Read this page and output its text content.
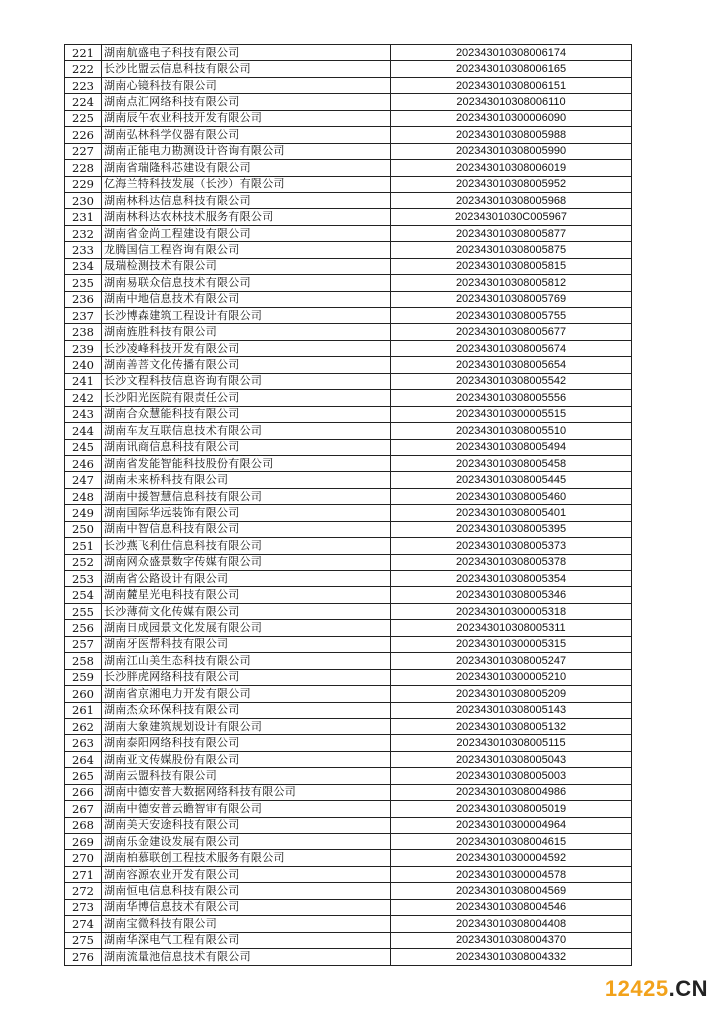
221	湖南航盛电子科技有限公司	202343010308006174
222	长沙比盟云信息科技有限公司	202343010308006165
223	湖南心镜科技有限公司	202343010308006151
224	湖南点汇网络科技有限公司	202343010308006110
225	湖南辰午农业科技开发有限公司	202343010300006090
226	湖南弘林科学仪器有限公司	202343010308005988
227	湖南正能电力勘测设计咨询有限公司	202343010308005990
228	湖南省瑞隆科芯建设有限公司	202343010308006019
229	亿海兰特科技发展（长沙）有限公司	202343010308005952
230	湖南林科达信息科技有限公司	202343010308005968
231	湖南林科达农林技术服务有限公司	20234301030C005967
232	湖南省金尚工程建设有限公司	202343010308005877
233	龙腾国信工程咨询有限公司	202343010308005875
234	晟瑞检测技术有限公司	202343010308005815
235	湖南易联众信息技术有限公司	202343010308005812
236	湖南中地信息技术有限公司	202343010308005769
237	长沙博森建筑工程设计有限公司	202343010308005755
238	湖南旌胜科技有限公司	202343010308005677
239	长沙凌峰科技开发有限公司	202343010308005674
240	湖南善菩文化传播有限公司	202343010308005654
241	长沙文程科技信息咨询有限公司	202343010308005542
242	长沙阳光医院有限责任公司	202343010308005556
243	湖南合众慧能科技有限公司	202343010300005515
244	湖南车友互联信息技术有限公司	202343010308005510
245	湖南讯商信息科技有限公司	202343010308005494
246	湖南省发能智能科技股份有限公司	202343010308005458
247	湖南未来桥科技有限公司	202343010308005445
248	湖南中援智慧信息科技有限公司	202343010308005460
249	湖南国际华远装饰有限公司	202343010308005401
250	湖南中智信息科技有限公司	202343010308005395
251	长沙燕飞利仕信息科技有限公司	202343010308005373
252	湖南网众盛景数字传媒有限公司	202343010308005378
253	湖南省公路设计有限公司	202343010308005354
254	湖南麓星光电科技有限公司	202343010308005346
255	长沙薄荷文化传媒有限公司	202343010300005318
256	湖南日成园景文化发展有限公司	202343010308005311
257	湖南牙医帮科技有限公司	202343010300005315
258	湖南江山美生态科技有限公司	202343010308005247
259	长沙胖虎网络科技有限公司	202343010300005210
260	湖南省京湘电力开发有限公司	202343010308005209
261	湖南杰众环保科技有限公司	202343010308005143
262	湖南大象建筑规划设计有限公司	202343010308005132
263	湖南泰阳网络科技有限公司	202343010308005115
264	湖南亚文传媒股份有限公司	202343010308005043
265	湖南云盟科技有限公司	202343010308005003
266	湖南中德安普大数据网络科技有限公司	202343010308004986
267	湖南中德安普云瞻智审有限公司	202343010308005019
268	湖南美天安途科技有限公司	202343010300004964
269	湖南乐金建设发展有限公司	202343010308004615
270	湖南柏慕联创工程技术服务有限公司	202343010300004592
271	湖南容源农业开发有限公司	202343010300004578
272	湖南恒电信息科技有限公司	202343010308004569
273	湖南华博信息技术有限公司	202343010308004546
274	湖南宝微科技有限公司	202343010308004408
275	湖南华深电气工程有限公司	202343010308004370
276	湖南流量池信息技术有限公司	202343010308004332
12425.CN
